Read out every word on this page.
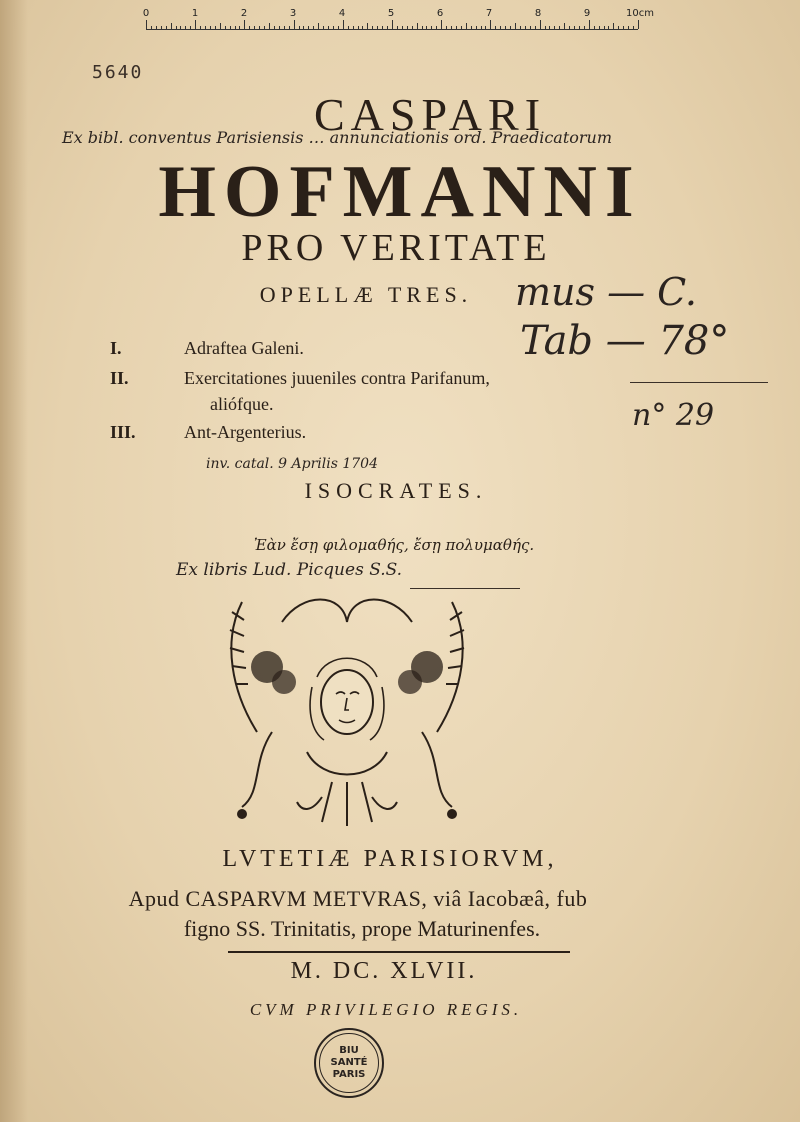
0	1	2	3	4	5	6	7	8	9	10cm
5640
CASPARI
Ex bibl. conventus Parisiensis … annunciationis ord. Praedicatorum
HOFMANNI
PRO VERITATE
OPELLÆ TRES.	mus — C.
Tab — 78°
n° 29
I.	Adraftea Galeni.
II.	Exercitationes juueniles contra Parifanum,
aliófque.
III.	Ant-Argenterius.
inv. catal. 9 Aprilis 1704
ISOCRATES.
Ἐὰν ἔσῃ φιλομαθής, ἔσῃ πολυμαθής.
Ex libris Lud. Picques S.S.
LVTETIÆ PARISIORVM,
Apud CASPARVM METVRAS, viâ Iacobæâ, fub
figno SS. Trinitatis, prope Maturinenfes.
M. DC. XLVII.
CVM PRIVILEGIO REGIS.
BIU
SANTÉ
PARIS
